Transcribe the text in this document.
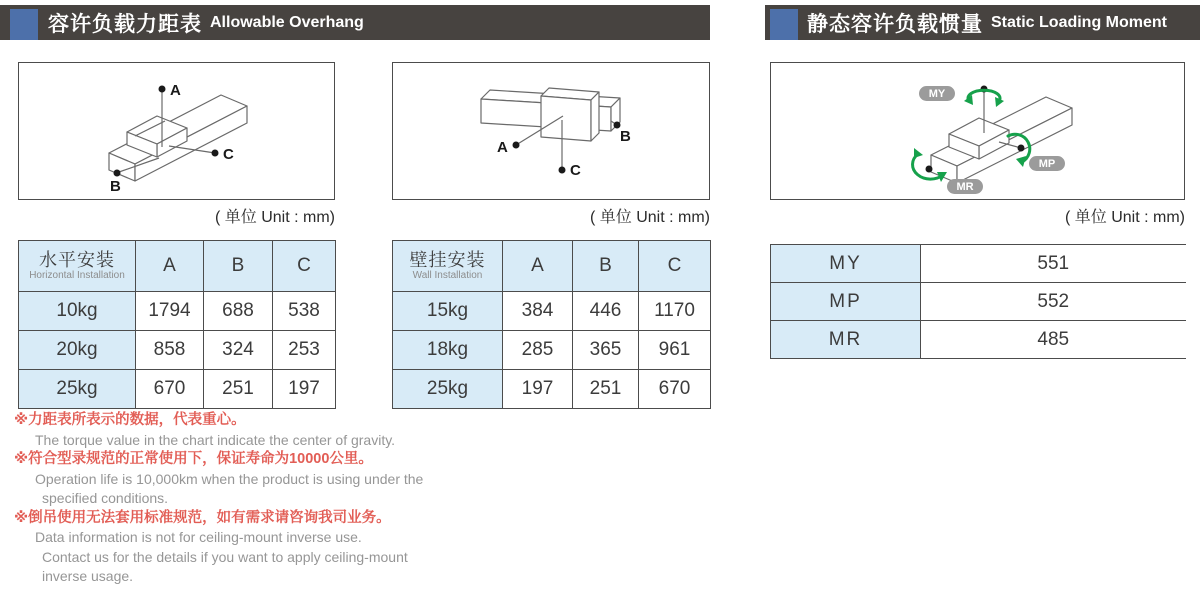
容许负载力距表 Allowable Overhang	静态容许负载惯量 Static Loading Moment
A
B
C
( 单位 Unit : mm)
A
B
C
( 单位 Unit : mm)
MY
MP
MR
( 单位 Unit : mm)
水平安装
Horizontal Installation	A	B	C
10kg	1794	688	538
20kg	858	324	253
25kg	670	251	197
壁挂安装
Wall Installation	A	B	C
15kg	384	446	1170
18kg	285	365	961
25kg	197	251	670
MY	551
MP	552
MR	485
※力距表所表示的数据，代表重心。
The torque value in the chart indicate the center of gravity.
※符合型录规范的正常使用下，保证寿命为10000公里。
Operation life is 10,000km when the product is using under the
specified conditions.
※倒吊使用无法套用标准规范，如有需求请咨询我司业务。
Data information is not for ceiling-mount inverse use.
Contact us for the details if you want to apply ceiling-mount
inverse usage.
